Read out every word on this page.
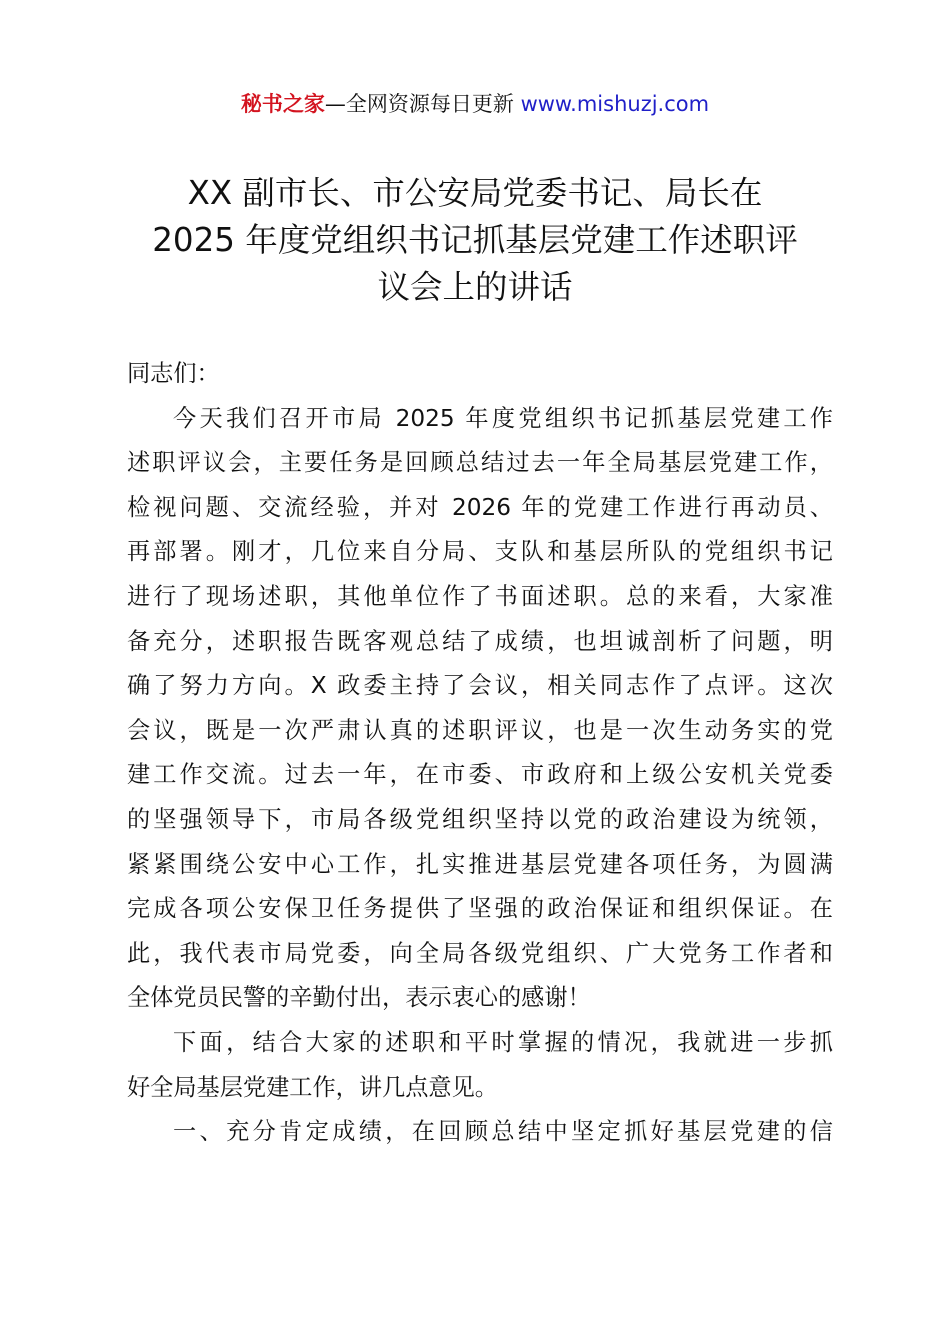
秘书之家—全网资源每日更新 www.mishuzj.com
XX 副市长、市公安局党委书记、局长在
2025 年度党组织书记抓基层党建工作述职评
议会上的讲话
同志们：
今天我们召开市局 2025 年度党组织书记抓基层党建工作
述职评议会，主要任务是回顾总结过去一年全局基层党建工作，
检视问题、交流经验，并对 2026 年的党建工作进行再动员、
再部署。刚才，几位来自分局、支队和基层所队的党组织书记
进行了现场述职，其他单位作了书面述职。总的来看，大家准
备充分，述职报告既客观总结了成绩，也坦诚剖析了问题，明
确了努力方向。X 政委主持了会议，相关同志作了点评。这次
会议，既是一次严肃认真的述职评议，也是一次生动务实的党
建工作交流。过去一年，在市委、市政府和上级公安机关党委
的坚强领导下，市局各级党组织坚持以党的政治建设为统领，
紧紧围绕公安中心工作，扎实推进基层党建各项任务，为圆满
完成各项公安保卫任务提供了坚强的政治保证和组织保证。在
此，我代表市局党委，向全局各级党组织、广大党务工作者和
全体党员民警的辛勤付出，表示衷心的感谢！
下面，结合大家的述职和平时掌握的情况，我就进一步抓
好全局基层党建工作，讲几点意见。
一、充分肯定成绩，在回顾总结中坚定抓好基层党建的信
